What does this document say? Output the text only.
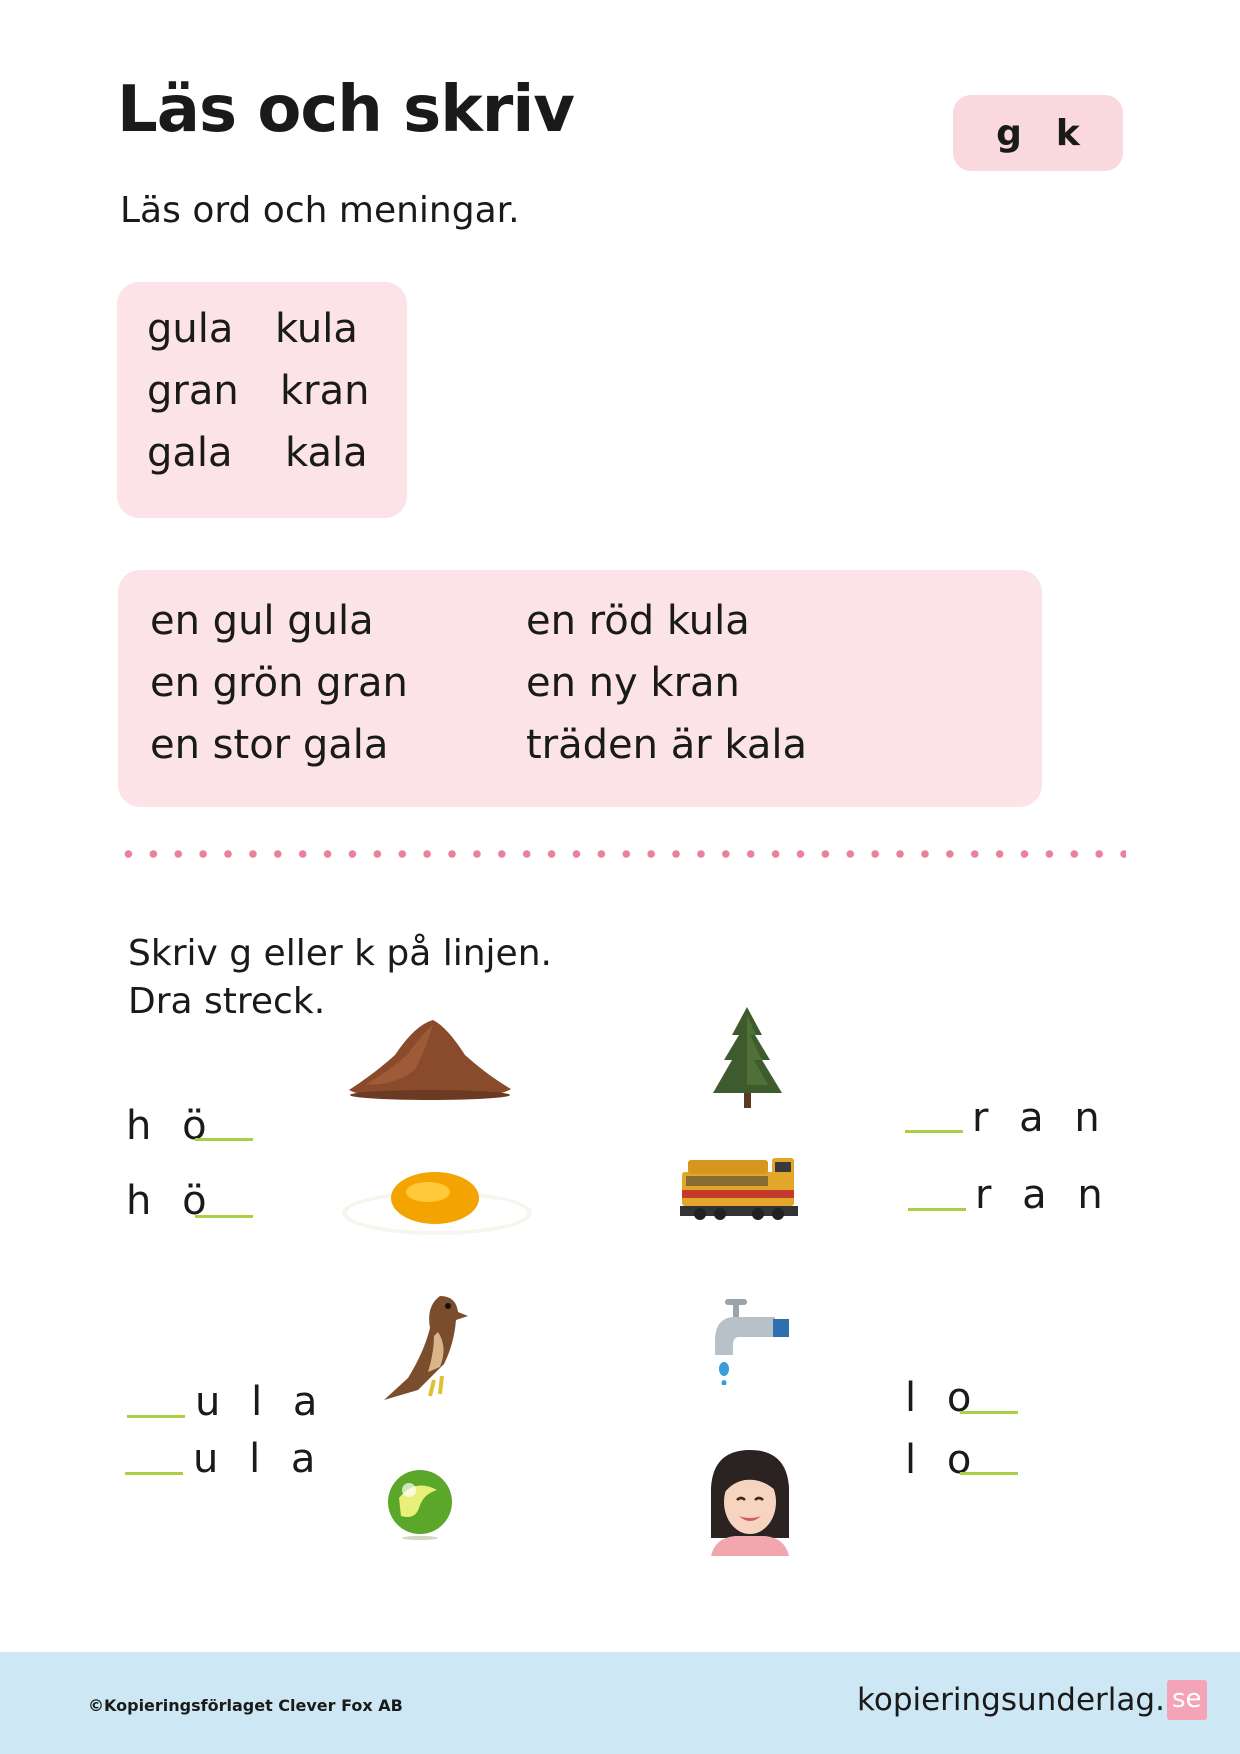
Läs och skriv	g k
Läs ord och meningar.
gula kula
gran kran
gala kala
en gul gula
en grön gran
en stor gala
en röd kula
en ny kran
träden är kala
Skriv g eller k på linjen.
Dra streck.
h ö
h ö
r a n
r a n
u l a
u l a
l o
l o
©Kopieringsförlaget Clever Fox AB	kopieringsunderlag. se
